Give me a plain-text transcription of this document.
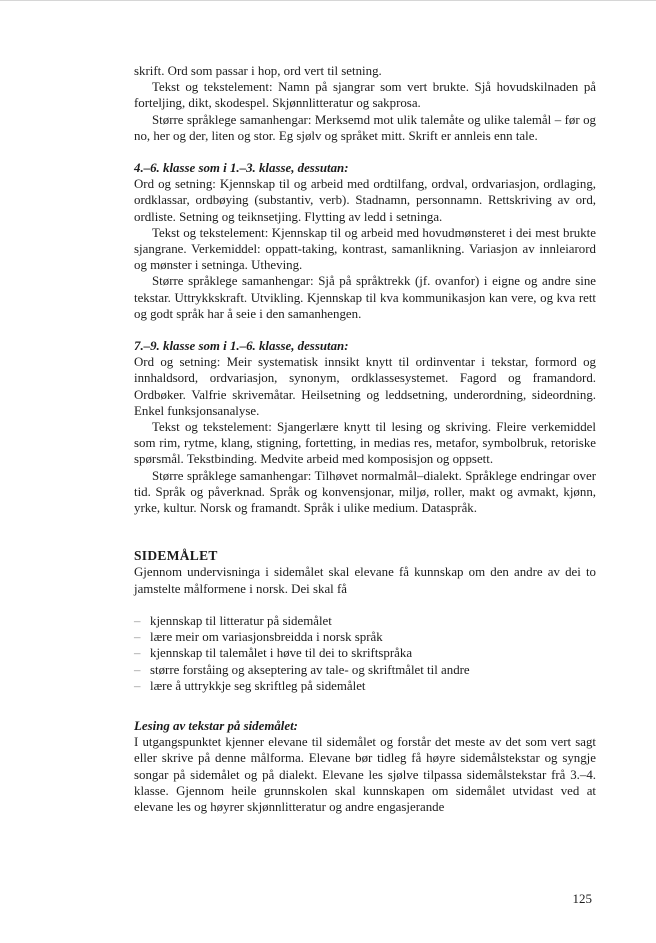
skrift. Ord som passar i hop, ord vert til setning.

Tekst og tekstelement: Namn på sjangrar som vert brukte. Sjå hovudskilnaden på forteljing, dikt, skodespel. Skjønnlitteratur og sakprosa.

Større språklege samanhengar: Merksemd mot ulik talemåte og ulike talemål – før og no, her og der, liten og stor. Eg sjølv og språket mitt. Skrift er annleis enn tale.

4.–6. klasse som i 1.–3. klasse, dessutan:

Ord og setning: Kjennskap til og arbeid med ordtilfang, ordval, ordvariasjon, ordlaging, ordklassar, ordbøying (substantiv, verb). Stadnamn, personnamn. Rettskriving av ord, ordliste. Setning og teiknsetjing. Flytting av ledd i setninga.

Tekst og tekstelement: Kjennskap til og arbeid med hovudmønsteret i dei mest brukte sjangrane. Verkemiddel: oppatt-taking, kontrast, samanlikning. Variasjon av innleiarord og mønster i setninga. Utheving.

Større språklege samanhengar: Sjå på språktrekk (jf. ovanfor) i eigne og andre sine tekstar. Uttrykkskraft. Utvikling. Kjennskap til kva kommunikasjon kan vere, og kva rett og godt språk har å seie i den samanhengen.

7.–9. klasse som i 1.–6. klasse, dessutan:

Ord og setning: Meir systematisk innsikt knytt til ordinventar i tekstar, formord og innhaldsord, ordvariasjon, synonym, ordklassesystemet. Fagord og framandord. Ordbøker. Valfrie skrivemåtar. Heilsetning og leddsetning, underordning, sideordning. Enkel funksjonsanalyse.

Tekst og tekstelement: Sjangerlære knytt til lesing og skriving. Fleire verkemiddel som rim, rytme, klang, stigning, fortetting, in medias res, metafor, symbolbruk, retoriske spørsmål. Tekstbinding. Medvite arbeid med komposisjon og oppsett.

Større språklege samanhengar: Tilhøvet normalmål–dialekt. Språklege endringar over tid. Språk og påverknad. Språk og konvensjonar, miljø, roller, makt og avmakt, kjønn, yrke, kultur. Norsk og framandt. Språk i ulike medium. Dataspråk.

SIDEMÅLET

Gjennom undervisninga i sidemålet skal elevane få kunnskap om den andre av dei to jamstelte målformene i norsk. Dei skal få

– kjennskap til litteratur på sidemålet
– lære meir om variasjonsbreidda i norsk språk
– kjennskap til talemålet i høve til dei to skriftspråka
– større forståing og akseptering av tale- og skriftmålet til andre
– lære å uttrykkje seg skriftleg på sidemålet

Lesing av tekstar på sidemålet:

I utgangspunktet kjenner elevane til sidemålet og forstår det meste av det som vert sagt eller skrive på denne målforma. Elevane bør tidleg få høyre sidemålstekstar og syngje songar på sidemålet og på dialekt. Elevane les sjølve tilpassa sidemålstekstar frå 3.–4. klasse. Gjennom heile grunnskolen skal kunnskapen om sidemålet utvidast ved at elevane les og høyrer skjønnlitteratur og andre engasjerande

125
